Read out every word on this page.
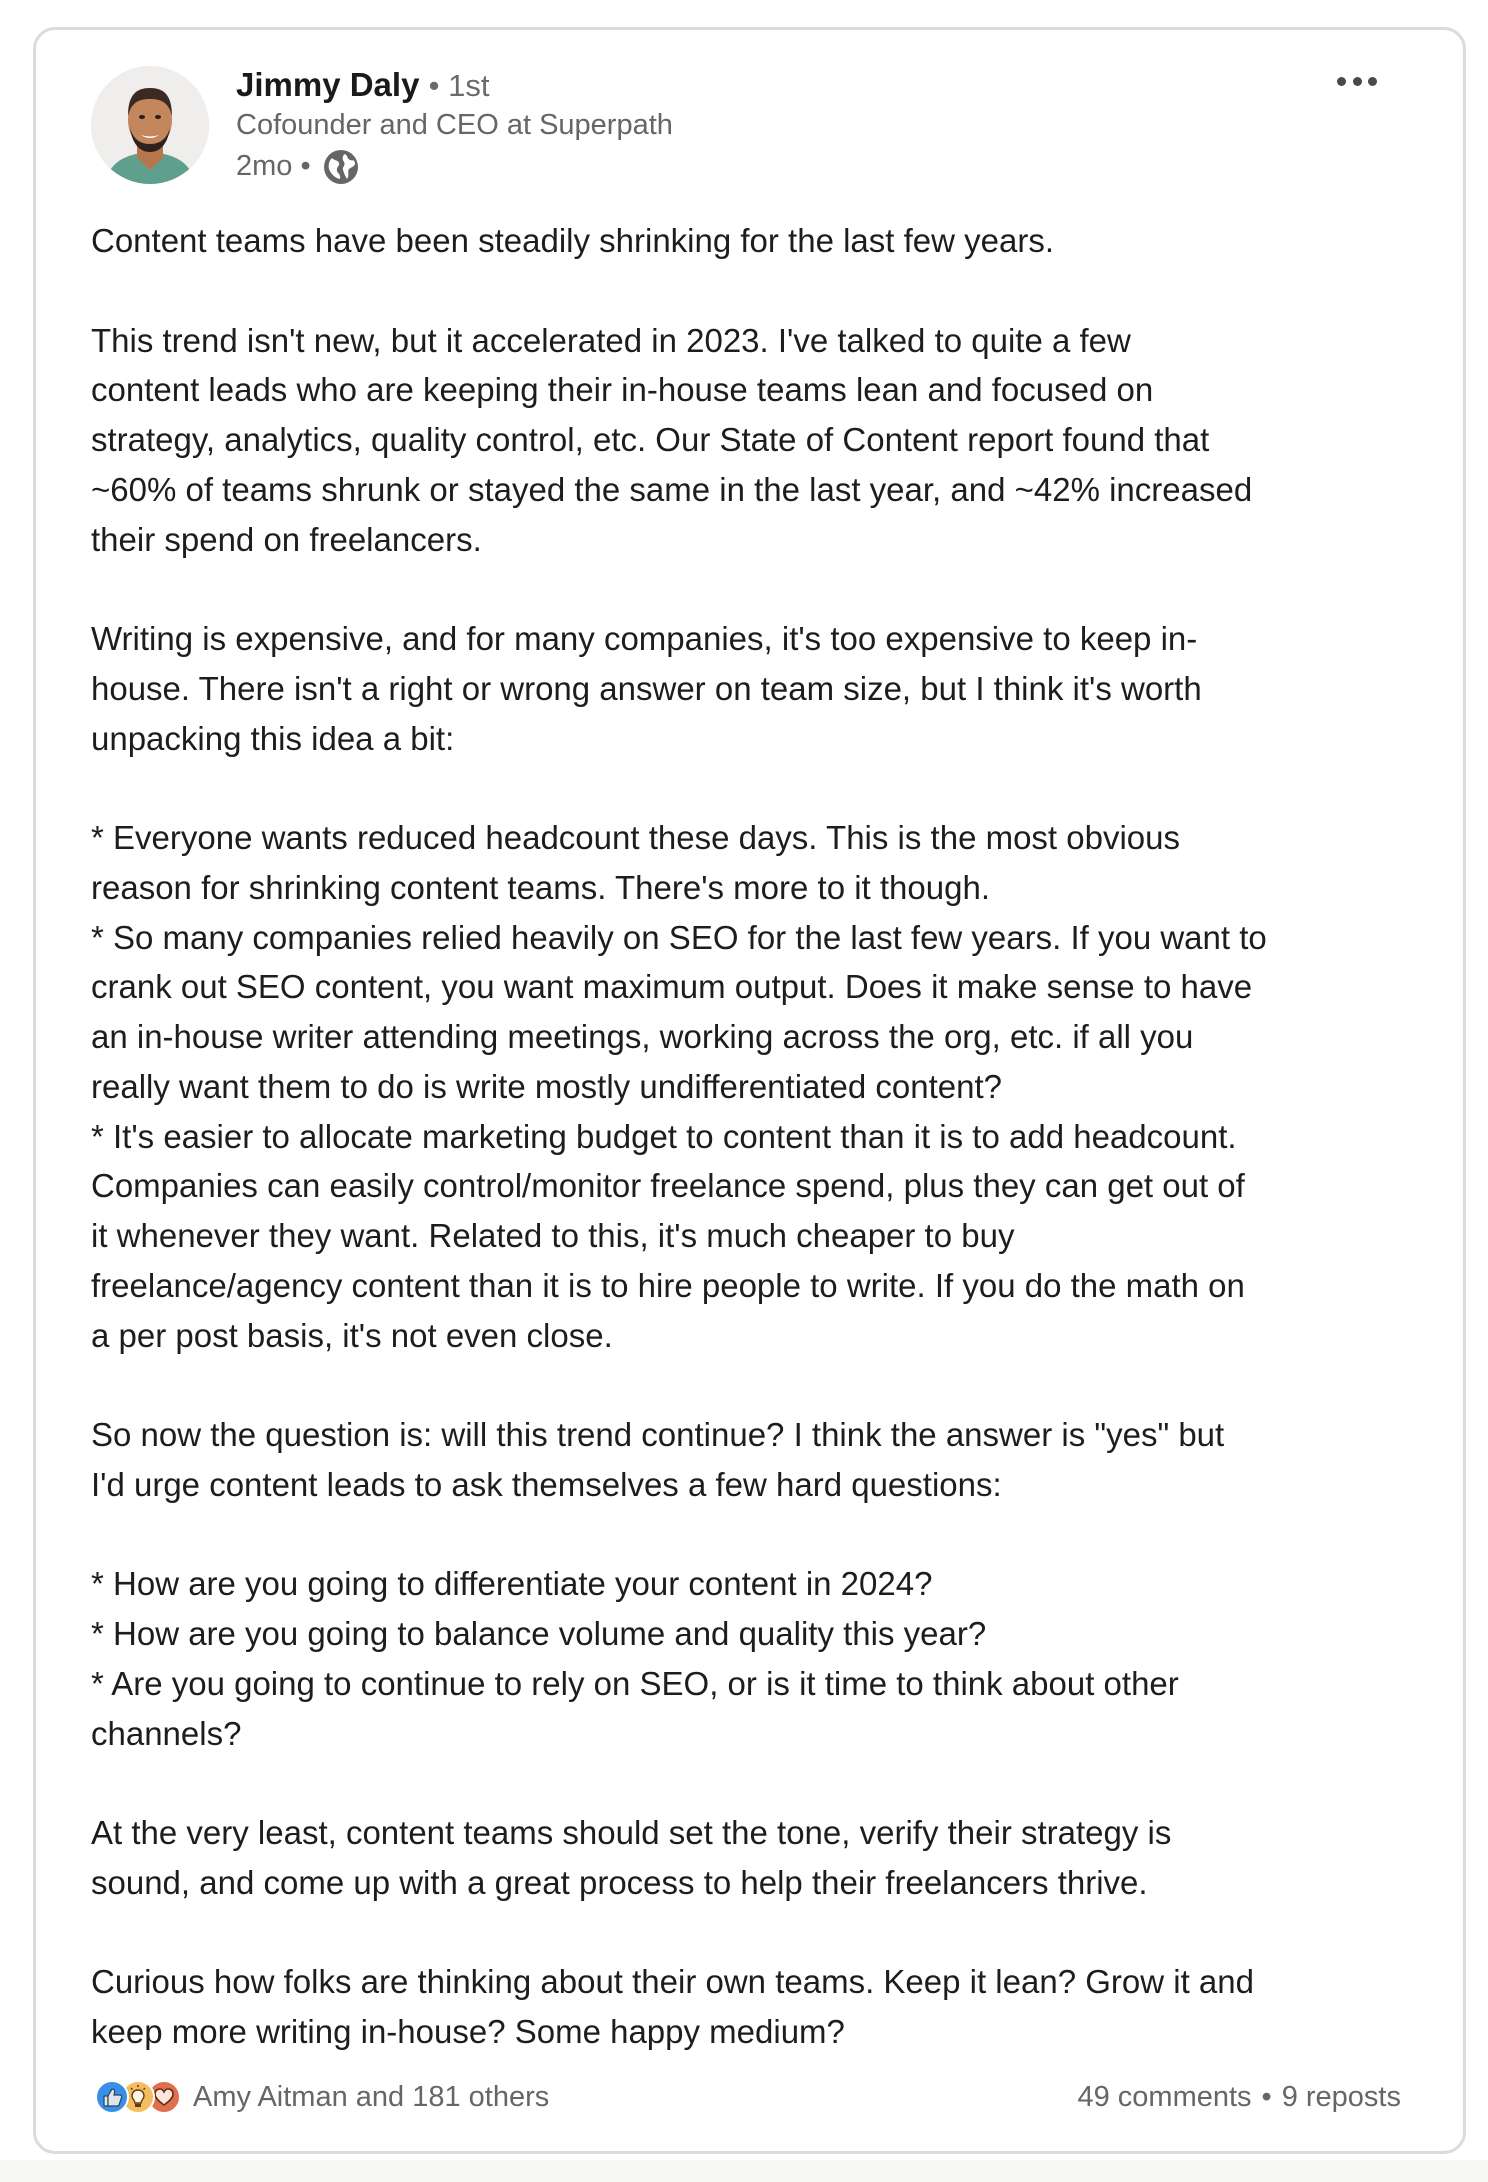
Jimmy Daly • 1st
Cofounder and CEO at Superpath
2mo •
Content teams have been steadily shrinking for the last few years.
This trend isn't new, but it accelerated in 2023. I've talked to quite a few
content leads who are keeping their in-house teams lean and focused on
strategy, analytics, quality control, etc. Our State of Content report found that
~60% of teams shrunk or stayed the same in the last year, and ~42% increased
their spend on freelancers.
Writing is expensive, and for many companies, it's too expensive to keep in-
house. There isn't a right or wrong answer on team size, but I think it's worth
unpacking this idea a bit:
* Everyone wants reduced headcount these days. This is the most obvious
reason for shrinking content teams. There's more to it though.
* So many companies relied heavily on SEO for the last few years. If you want to
crank out SEO content, you want maximum output. Does it make sense to have
an in-house writer attending meetings, working across the org, etc. if all you
really want them to do is write mostly undifferentiated content?
* It's easier to allocate marketing budget to content than it is to add headcount.
Companies can easily control/monitor freelance spend, plus they can get out of
it whenever they want. Related to this, it's much cheaper to buy
freelance/agency content than it is to hire people to write. If you do the math on
a per post basis, it's not even close.
So now the question is: will this trend continue? I think the answer is "yes" but
I'd urge content leads to ask themselves a few hard questions:
* How are you going to differentiate your content in 2024?
* How are you going to balance volume and quality this year?
* Are you going to continue to rely on SEO, or is it time to think about other
channels?
At the very least, content teams should set the tone, verify their strategy is
sound, and come up with a great process to help their freelancers thrive.
Curious how folks are thinking about their own teams. Keep it lean? Grow it and
keep more writing in-house? Some happy medium?
Amy Aitman and 181 others	49 comments • 9 reposts
